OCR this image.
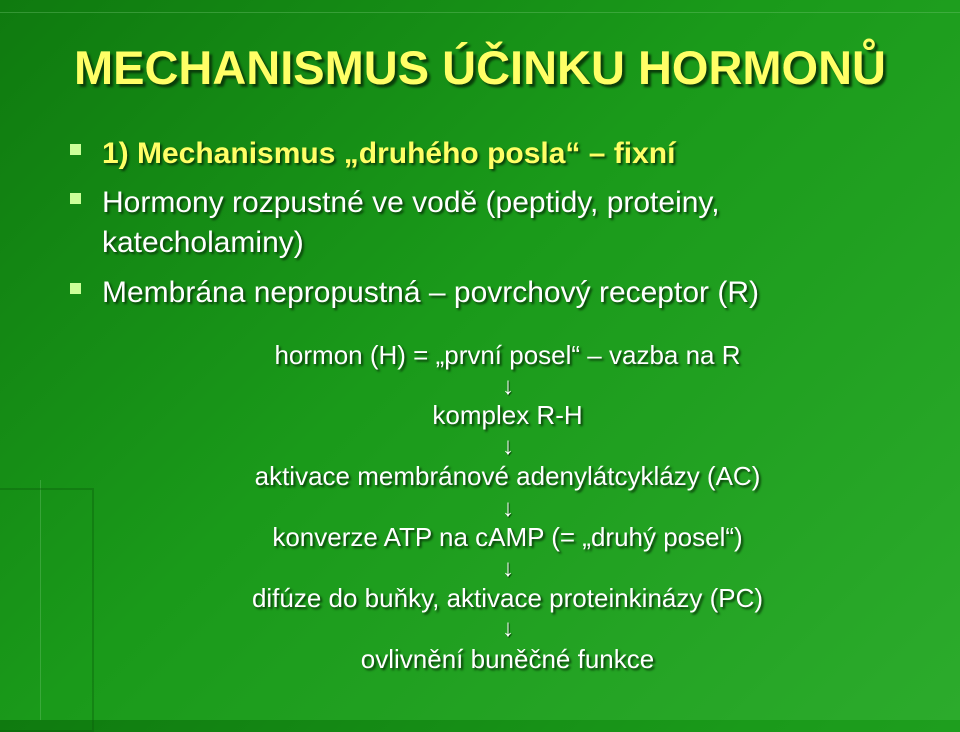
MECHANISMUS ÚČINKU HORMONŮ
1) Mechanismus „druhého posla“ – fixní
Hormony rozpustné ve vodě (peptidy, proteiny, katecholaminy)
Membrána nepropustná – povrchový receptor (R)
hormon (H) = „první posel“ – vazba na R
↓
komplex R-H
↓
aktivace membránové adenylátcyklázy (AC)
↓
konverze ATP na cAMP (= „druhý posel“)
↓
difúze do buňky, aktivace proteinkinázy (PC)
↓
ovlivnění buněčné funkce
